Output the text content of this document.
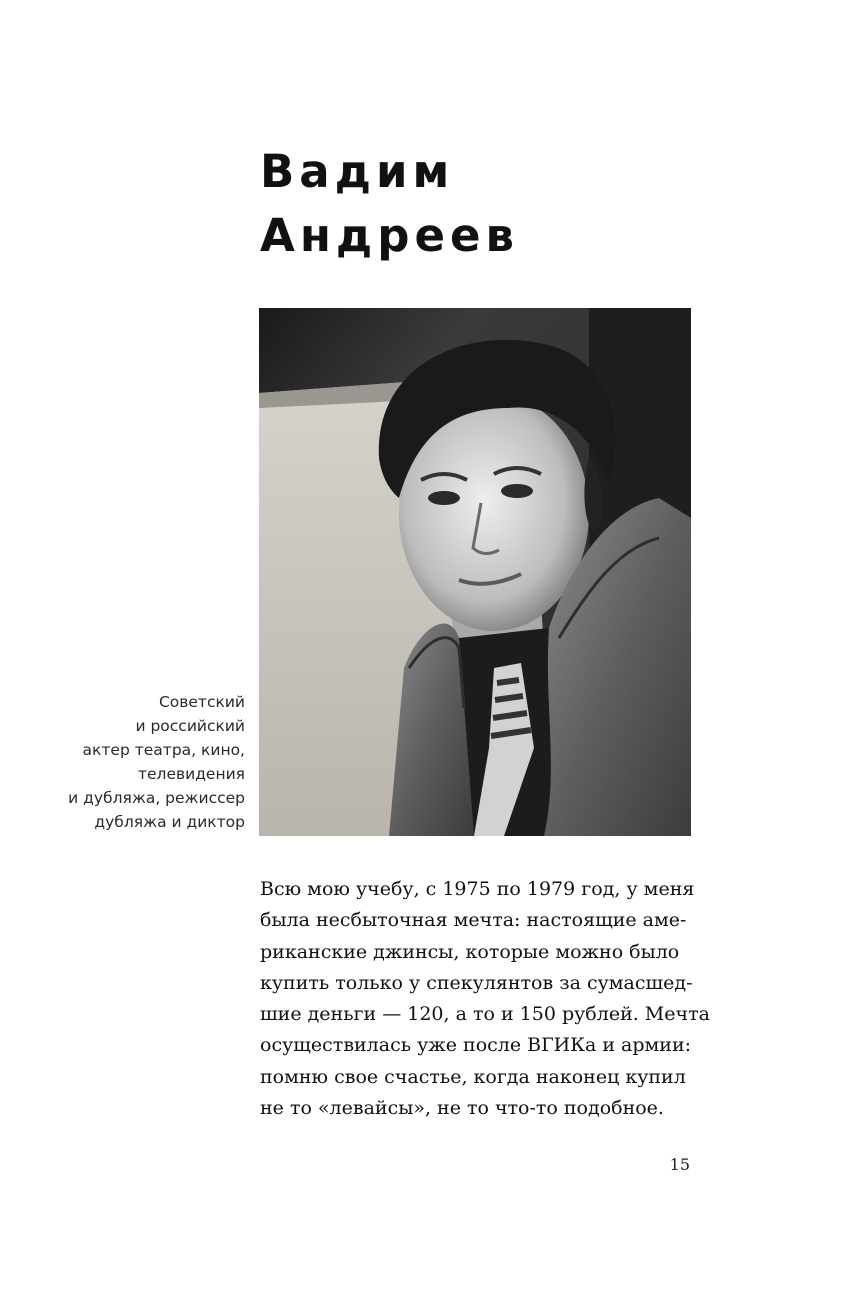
Вадим
Андреев
Советский
и российский
актер театра, кино,
телевидения
и дубляжа, режиссер
дубляжа и диктор
Всю мою учебу, с 1975 по 1979 год, у меня
была несбыточная мечта: настоящие аме-
риканские джинсы, которые можно было
купить только у спекулянтов за сумасшед-
шие деньги — 120, а то и 150 рублей. Мечта
осуществилась уже после ВГИКа и армии:
помню свое счастье, когда наконец купил
не то «левайсы», не то что-то подобное.
15
